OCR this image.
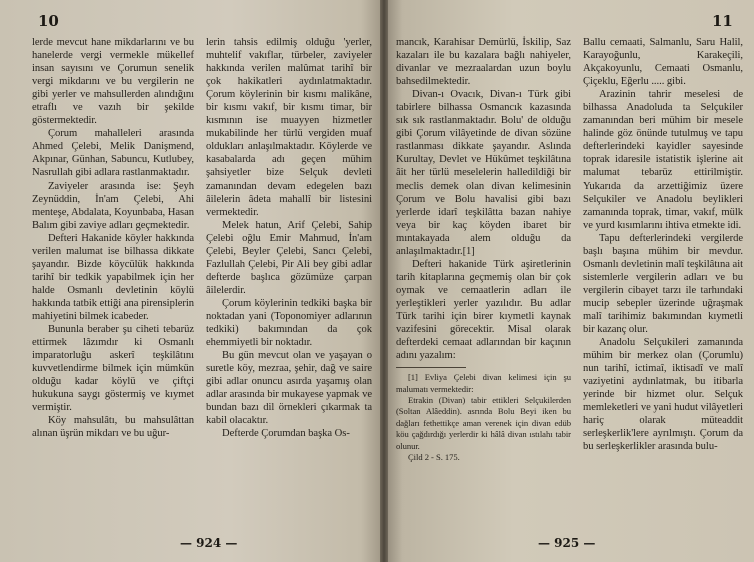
10

lerde mevcut hane mikdarlarını ve bu hanelerde vergi vermekle mükellef insan sayısını ve Çorumun senelik vergi mikdarını ve bu vergilerin ne gibi yerler ve mahsullerden alındığını etraflı ve vazıh bir şekilde göstermektedir.

Çorum mahalleleri arasında Ahmed Çelebi, Melik Danişmend, Akpınar, Günhan, Sabuncu, Kutlubey, Nasrullah gibi adlara rastlanmaktadır.

Zaviyeler arasında ise: Şeyh Zeynüddin, İn'am Çelebi, Ahi menteşe, Abdalata, Koyunbaba, Hasan Balım gibi zaviye adları geçmektedir.

Defteri Hakanide köyler hakkında verilen malumat ise bilhassa dikkate şayandır. Bizde köycülük hakkında tarihî bir tedkik yapabilmek için her halde Osmanlı devletinin köylü hakkında tatbik ettiği ana pirensiplerin mahiyetini bilmek icabeder.

Bununla beraber şu ciheti tebarüz ettirmek lâzımdır ki Osmanlı imparatorluğu askerî teşkilâtını kuvvetlendirme bilmek için mümkün olduğu kadar köylü ve çiftçi hukukuna saygı göstermiş ve kıymet vermiştir.

Köy mahsulâtı, bu mahsulâttan alınan üşrün mikdarı ve bu uğur-

lerin tahsis edilmiş olduğu 'yerler, muhtelif vakıflar, türbeler, zaviyeler hakkında verilen malûmat tarihî bir çok hakikatleri aydınlatmaktadır. Çorum köylerinin bir kısmı malikâne, bir kısmı vakıf, bir kısmı timar, bir kısmının ise muayyen hizmetler mukabilinde her türlü vergiden muaf oldukları anlaşılmaktadır. Köylerde ve kasabalarda adı geçen mühim şahsiyetler bize Selçuk devleti zamanından devam edegelen bazı âilelerin âdeta mahallî bir listesini vermektedir.

Melek hatun, Arif Çelebi, Sahip Çelebi oğlu Emir Mahmud, İn'am Çelebi, Beyler Çelebi, Sancı Çelebi, Fazlullah Çelebi, Pir Ali bey gibi adlar defterde başlıca gözümüze çarpan âilelerdir.

Çorum köylerinin tedkiki başka bir noktadan yani (Toponomiyer adlarının tedkiki) bakımından da çok ehemmiyetli bir noktadır.

Bu gün mevcut olan ve yaşayan o suretle köy, mezraa, şehir, dağ ve saire gibi adlar onuncu asırda yaşamış olan adlar arasında bir mukayese yapmak ve bundan bazı dil örnekleri çıkarmak ta kabil olacaktır.

Defterde Çorumdan başka Os-

— 924 —
11

mancık, Karahisar Demürlü, İskilip, Saz kazaları ile bu kazalara bağlı nahiyeler, divanlar ve mezraalardan uzun boylu bahsedilmektedir.

Divan-ı Ovacık, Divan-ı Türk gibi tabirlere bilhassa Osmancık kazasında sık sık rastlanmaktadır. Bolu' de olduğu gibi Çorum vilâyetinde de divan sözüne rastlanması dikkate şayandır. Aslında Kurultay, Devlet ve Hükûmet teşkilâtına âit her türlü meselelerin halledildiği bir meclis demek olan divan kelimesinin Çorum ve Bolu havalisi gibi bazı yerlerde idarî teşkilâtta bazan nahiye veya bir kaç köyden ibaret bir mıntakayada alem olduğu da anlaşılmaktadır.[1]

Defteri hakanide Türk aşiretlerinin tarih kitaplarına geçmemiş olan bir çok oymak ve cemaatlerin adları ile yerleştikleri yerler yazılıdır. Bu adlar Türk tarihi için birer kıymetli kaynak vazifesini görecektir. Misal olarak defterdeki cemaat adlarından bir kaçının adını yazalım:

[1] Evliya Çelebi divan kelimesi için şu malumatı vermektedir:

Etrakin (Divan) tabir ettikleri Selçukilerden (Soltan Alâeddin). asrında Bolu Beyi iken bu dağları fethettikçe aman verenek için divan edüb köu çağdırdığı yerlerdir ki hâlâ divan ıstılahı tabir olunur.

Çild 2 - S. 175.

Ballu cemaati, Salmanlu, Saru Halil, Karayoğunlu, Karakeçili, Akçakoyunlu, Cemaati Osmanlu, Çiçeklu, Eğerlu ..... gibi.

Arazinin tahrir meselesi de bilhassa Anadoluda ta Selçukiler zamanından beri mühim bir mesele halinde göz önünde tutulmuş ve tapu defterlerindeki kayidler sayesinde toprak idaresile istatistik işlerine ait malumat tebarüz ettirilmiştir. Yukarıda da arzettiğimiz üzere Selçukiler ve Anadolu beylikleri zamanında toprak, timar, vakıf, mülk ve yurd kısımlarını ihtiva etmekte idi.

Tapu defterlerindeki vergilerde başlı başına mühim bir mevdur. Osmanlı devletinin malî teşkilâtına ait sistemlerle vergilerin adları ve bu vergilerin cibayet tarzı ile tarhındaki mucip sebepler üzerinde uğraşmak malî tarihimiz bakımından kıymetli bir kazanç olur.

Anadolu Selçukileri zamanında mühim bir merkez olan (Çorumlu) nun tarihî, ictimaî, iktisadî ve malî vaziyetini aydınlatmak, bu itibarla yerinde bir hizmet olur. Selçuk memleketleri ve yani hudut vilâyetleri hariç olarak müteaddit serleşkerlik'lere ayrılmıştı. Çorum da bu serleşkerlikler arasında bulu-

— 925 —
